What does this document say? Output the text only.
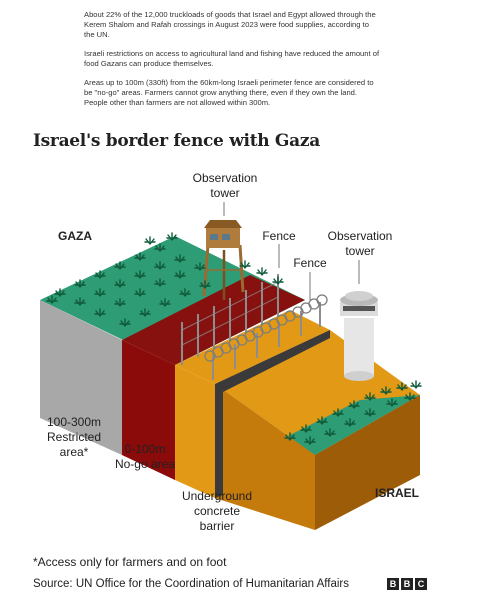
About 22% of the 12,000 truckloads of goods that Israel and Egypt allowed through the Kerem Shalom and Rafah crossings in August 2023 were food supplies, according to the UN.

Israeli restrictions on access to agricultural land and fishing have reduced the amount of food Gazans can produce themselves.

Areas up to 100m (330ft) from the 60km-long Israeli perimeter fence are considered to be "no-go" areas. Farmers cannot grow anything there, even if they own the land. People other than farmers are not allowed within 300m.

Israel's border fence with Gaza
Observation
tower
GAZA	Fence
Fence
Observation
tower
100-300m
Restricted
area*	0-100m
No-go area
Underground
concrete
barrier
ISRAEL
*Access only for farmers and on foot
Source: UN Office for the Coordination of Humanitarian Affairs	B B C
